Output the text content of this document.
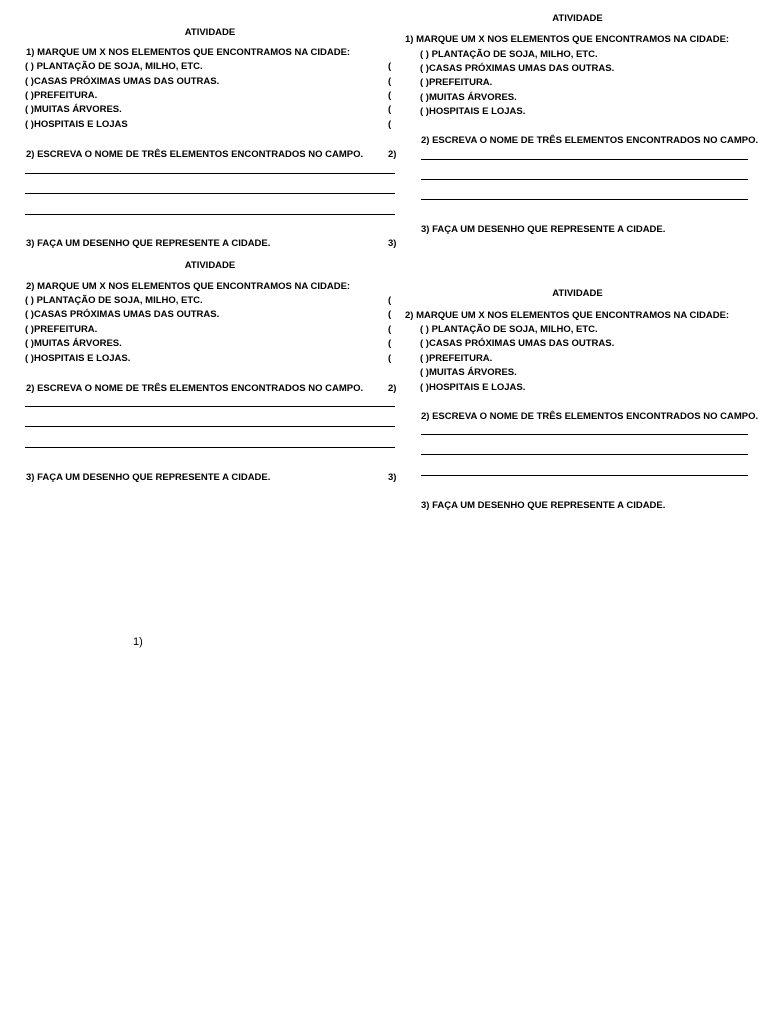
ATIVIDADE
1) MARQUE UM X NOS ELEMENTOS QUE ENCONTRAMOS NA CIDADE:
( ) PLANTAÇÃO DE SOJA, MILHO, ETC.
( )CASAS PRÓXIMAS UMAS DAS OUTRAS.
( )PREFEITURA.
( )MUITAS ÁRVORES.
( )HOSPITAIS E LOJAS
2) ESCREVA O NOME DE TRÊS ELEMENTOS ENCONTRADOS NO CAMPO.
3) FAÇA UM DESENHO QUE REPRESENTE A CIDADE.
(
(
(
(
(
2)
3)
ATIVIDADE
2) MARQUE UM X NOS ELEMENTOS QUE ENCONTRAMOS NA CIDADE:
( ) PLANTAÇÃO DE SOJA, MILHO, ETC.
( )CASAS PRÓXIMAS UMAS DAS OUTRAS.
( )PREFEITURA.
( )MUITAS ÁRVORES.
( )HOSPITAIS E LOJAS.
2) ESCREVA O NOME DE TRÊS ELEMENTOS ENCONTRADOS NO CAMPO.
3) FAÇA UM DESENHO QUE REPRESENTE A CIDADE.
(
(
(
(
(
2)
3)
ATIVIDADE
1) MARQUE UM X NOS ELEMENTOS QUE ENCONTRAMOS NA CIDADE:
( ) PLANTAÇÃO DE SOJA, MILHO, ETC.
( )CASAS PRÓXIMAS UMAS DAS OUTRAS.
( )PREFEITURA.
( )MUITAS ÁRVORES.
( )HOSPITAIS E LOJAS.
2) ESCREVA O NOME DE TRÊS ELEMENTOS ENCONTRADOS NO CAMPO.
3) FAÇA UM DESENHO QUE REPRESENTE A CIDADE.
ATIVIDADE
2) MARQUE UM X NOS ELEMENTOS QUE ENCONTRAMOS NA CIDADE:
( ) PLANTAÇÃO DE SOJA, MILHO, ETC.
( )CASAS PRÓXIMAS UMAS DAS OUTRAS.
( )PREFEITURA.
( )MUITAS ÁRVORES.
( )HOSPITAIS E LOJAS.
2) ESCREVA O NOME DE TRÊS ELEMENTOS ENCONTRADOS NO CAMPO.
3) FAÇA UM DESENHO QUE REPRESENTE A CIDADE.
1)
